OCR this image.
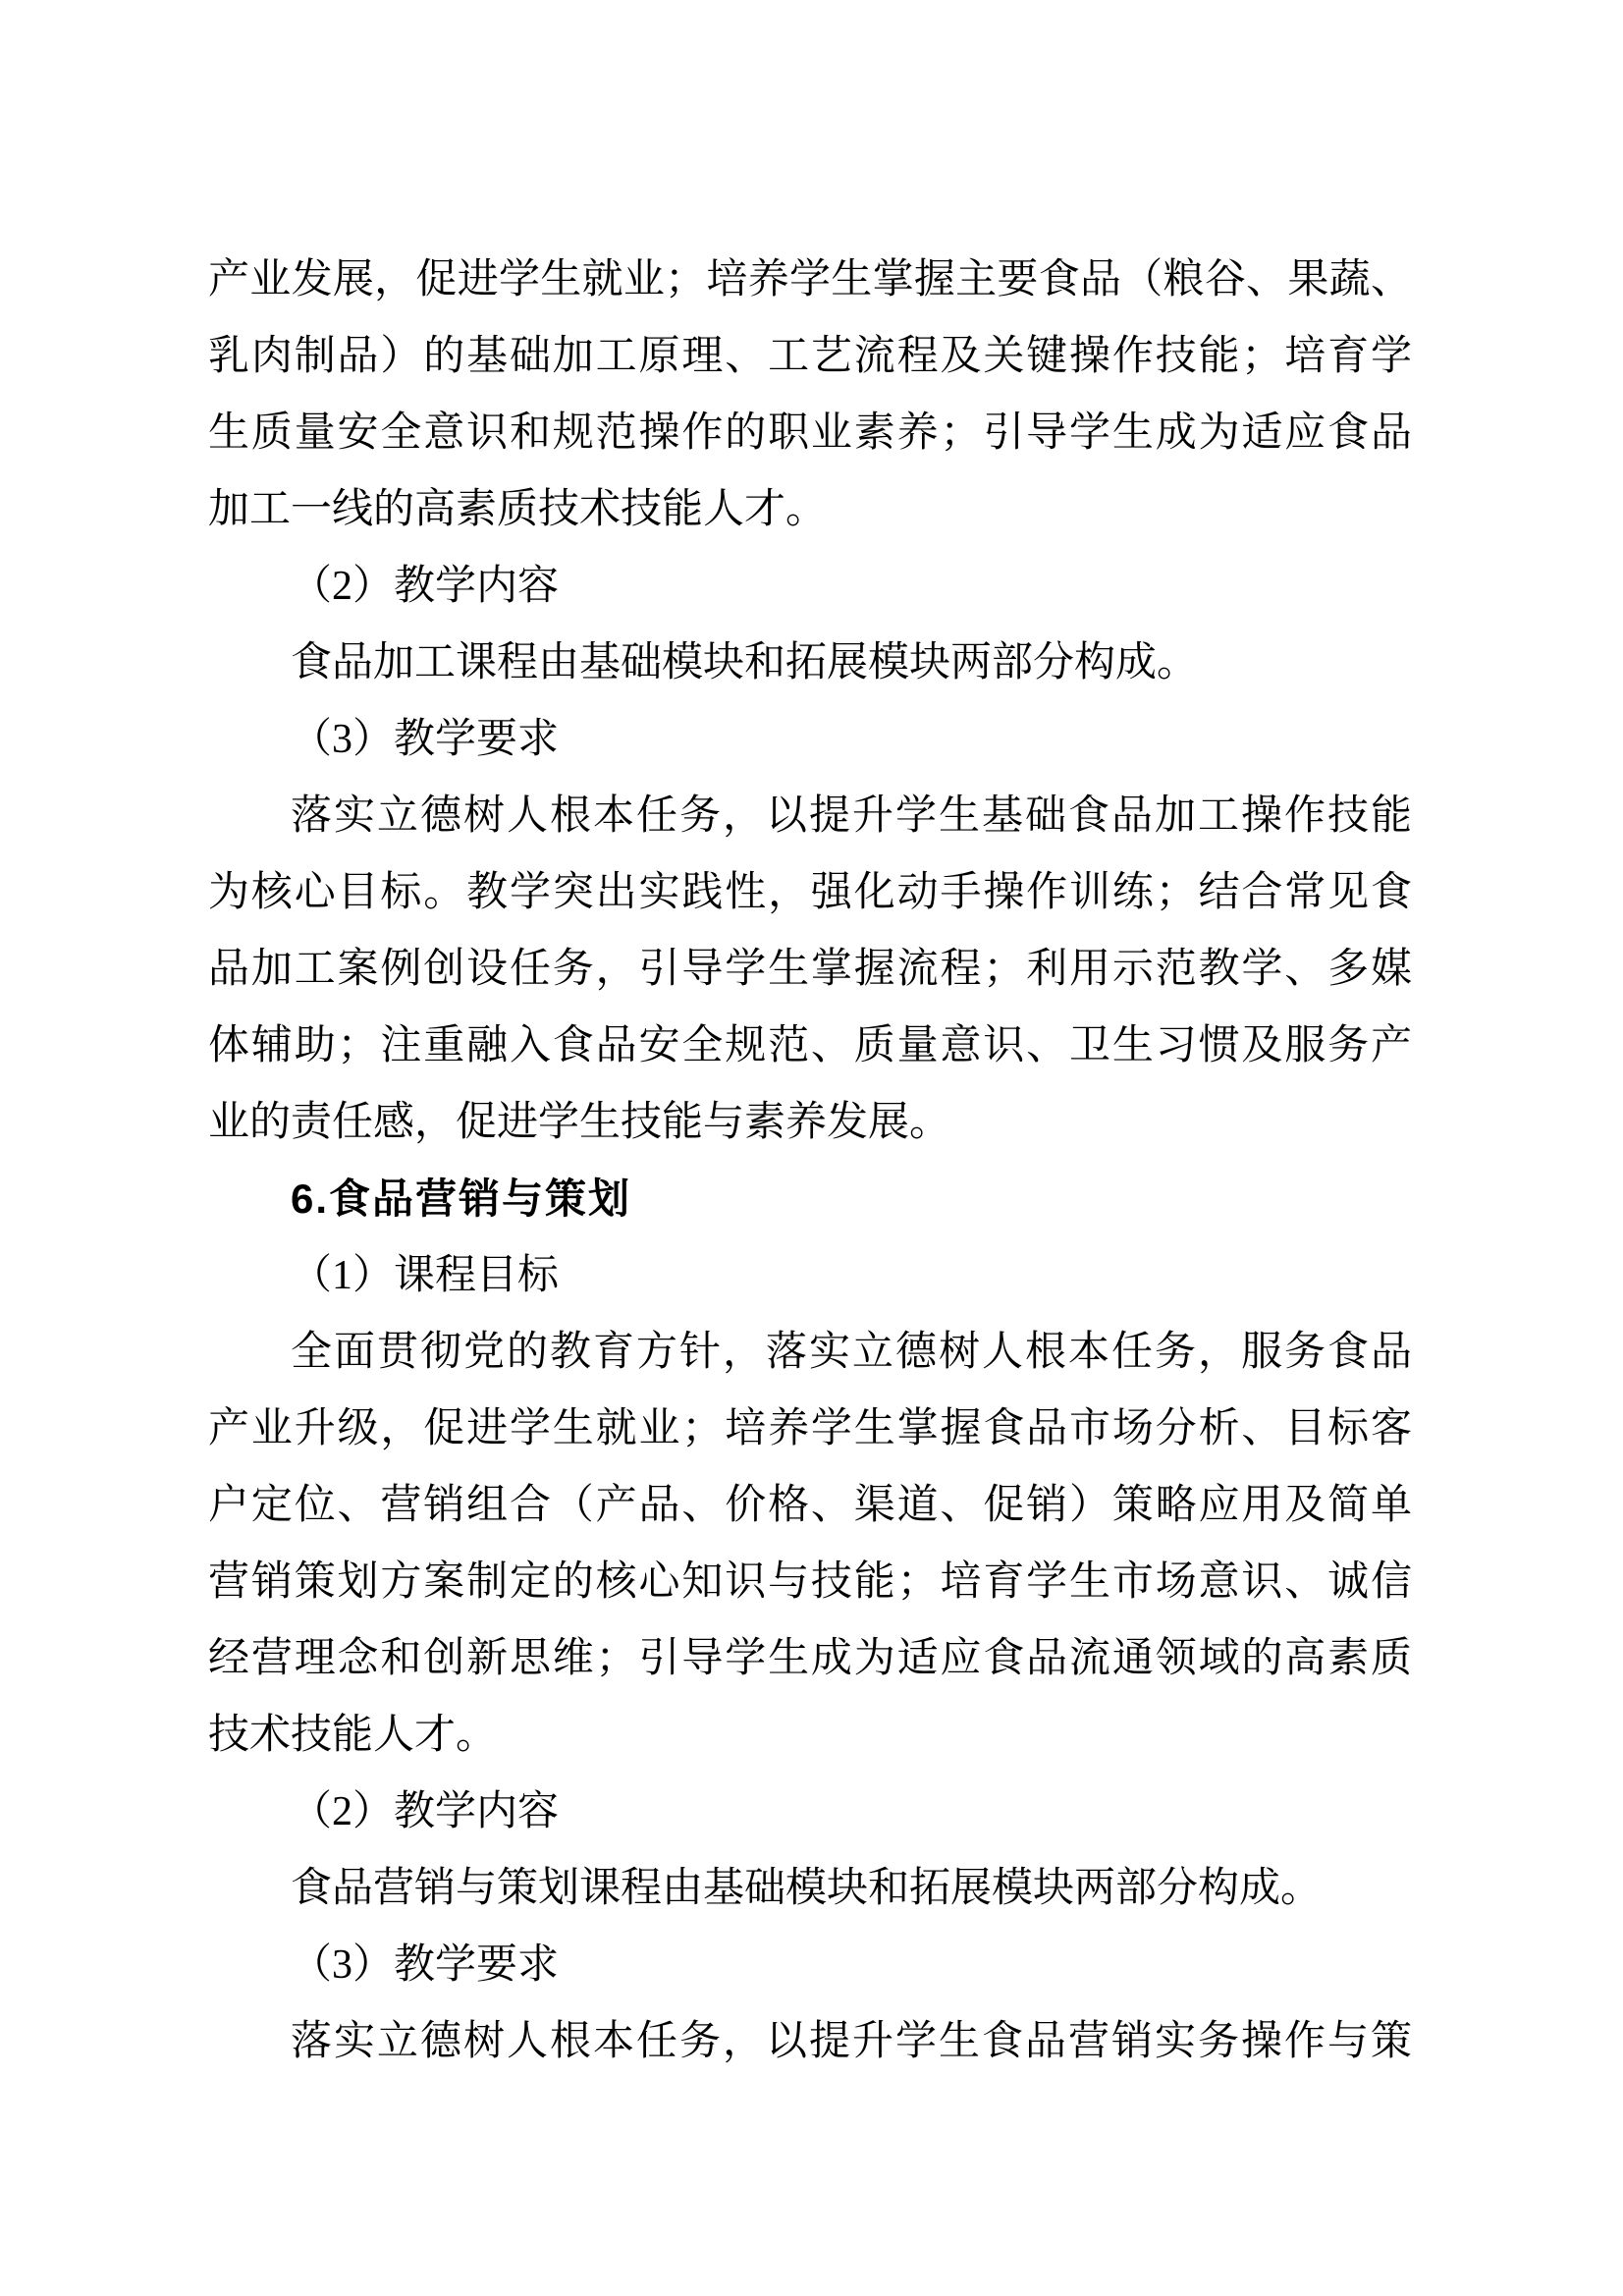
产业发展，促进学生就业；培养学生掌握主要食品（粮谷、果蔬、
乳肉制品）的基础加工原理、工艺流程及关键操作技能；培育学
生质量安全意识和规范操作的职业素养；引导学生成为适应食品
加工一线的高素质技术技能人才。
（2）教学内容
食品加工课程由基础模块和拓展模块两部分构成。
（3）教学要求
落实立德树人根本任务，以提升学生基础食品加工操作技能
为核心目标。教学突出实践性，强化动手操作训练；结合常见食
品加工案例创设任务，引导学生掌握流程；利用示范教学、多媒
体辅助；注重融入食品安全规范、质量意识、卫生习惯及服务产
业的责任感，促进学生技能与素养发展。
6.食品营销与策划
（1）课程目标
全面贯彻党的教育方针，落实立德树人根本任务，服务食品
产业升级，促进学生就业；培养学生掌握食品市场分析、目标客
户定位、营销组合（产品、价格、渠道、促销）策略应用及简单
营销策划方案制定的核心知识与技能；培育学生市场意识、诚信
经营理念和创新思维；引导学生成为适应食品流通领域的高素质
技术技能人才。
（2）教学内容
食品营销与策划课程由基础模块和拓展模块两部分构成。
（3）教学要求
落实立德树人根本任务，以提升学生食品营销实务操作与策
